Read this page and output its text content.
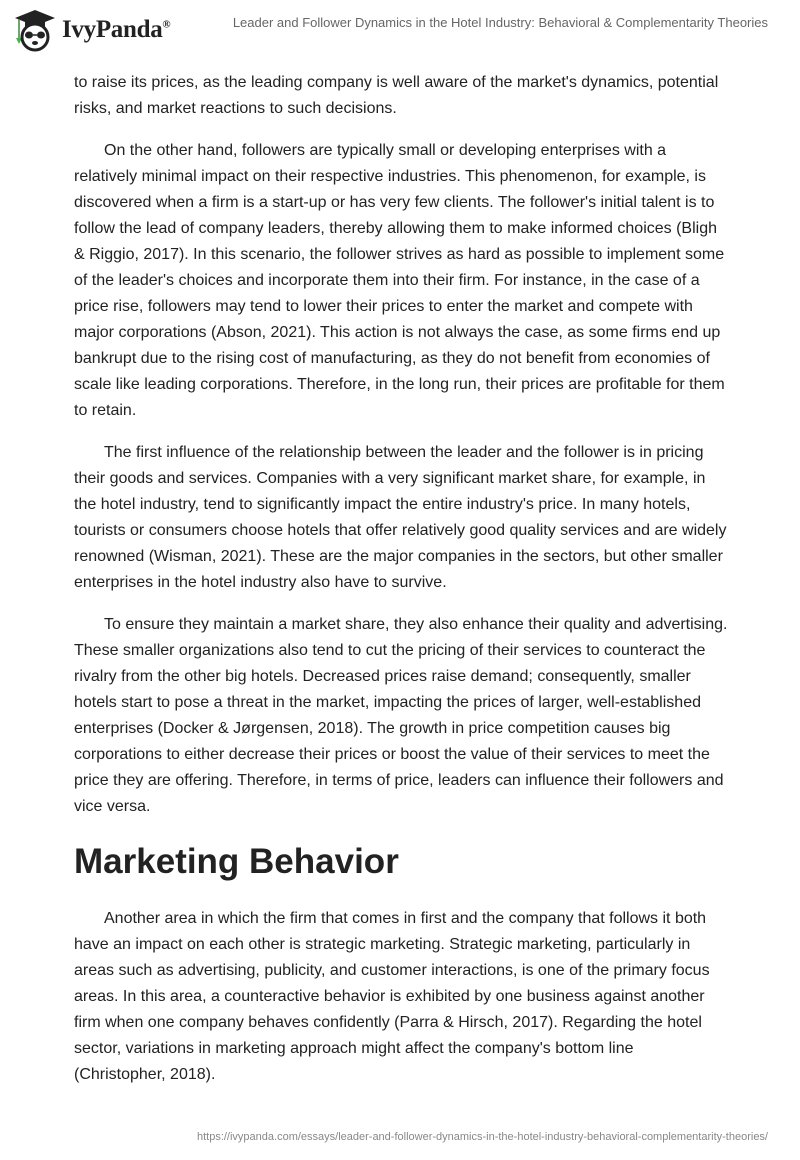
IvyPanda®	Leader and Follower Dynamics in the Hotel Industry: Behavioral & Complementarity Theories

to raise its prices, as the leading company is well aware of the market's dynamics, potential risks, and market reactions to such decisions.

On the other hand, followers are typically small or developing enterprises with a relatively minimal impact on their respective industries. This phenomenon, for example, is discovered when a firm is a start-up or has very few clients. The follower's initial talent is to follow the lead of company leaders, thereby allowing them to make informed choices (Bligh & Riggio, 2017). In this scenario, the follower strives as hard as possible to implement some of the leader's choices and incorporate them into their firm. For instance, in the case of a price rise, followers may tend to lower their prices to enter the market and compete with major corporations (Abson, 2021). This action is not always the case, as some firms end up bankrupt due to the rising cost of manufacturing, as they do not benefit from economies of scale like leading corporations. Therefore, in the long run, their prices are profitable for them to retain.

The first influence of the relationship between the leader and the follower is in pricing their goods and services. Companies with a very significant market share, for example, in the hotel industry, tend to significantly impact the entire industry's price. In many hotels, tourists or consumers choose hotels that offer relatively good quality services and are widely renowned (Wisman, 2021). These are the major companies in the sectors, but other smaller enterprises in the hotel industry also have to survive.

To ensure they maintain a market share, they also enhance their quality and advertising. These smaller organizations also tend to cut the pricing of their services to counteract the rivalry from the other big hotels. Decreased prices raise demand; consequently, smaller hotels start to pose a threat in the market, impacting the prices of larger, well-established enterprises (Docker & Jørgensen, 2018). The growth in price competition causes big corporations to either decrease their prices or boost the value of their services to meet the price they are offering. Therefore, in terms of price, leaders can influence their followers and vice versa.

Marketing Behavior

Another area in which the firm that comes in first and the company that follows it both have an impact on each other is strategic marketing. Strategic marketing, particularly in areas such as advertising, publicity, and customer interactions, is one of the primary focus areas. In this area, a counteractive behavior is exhibited by one business against another firm when one company behaves confidently (Parra & Hirsch, 2017). Regarding the hotel sector, variations in marketing approach might affect the company's bottom line (Christopher, 2018).

https://ivypanda.com/essays/leader-and-follower-dynamics-in-the-hotel-industry-behavioral-complementarity-theories/
